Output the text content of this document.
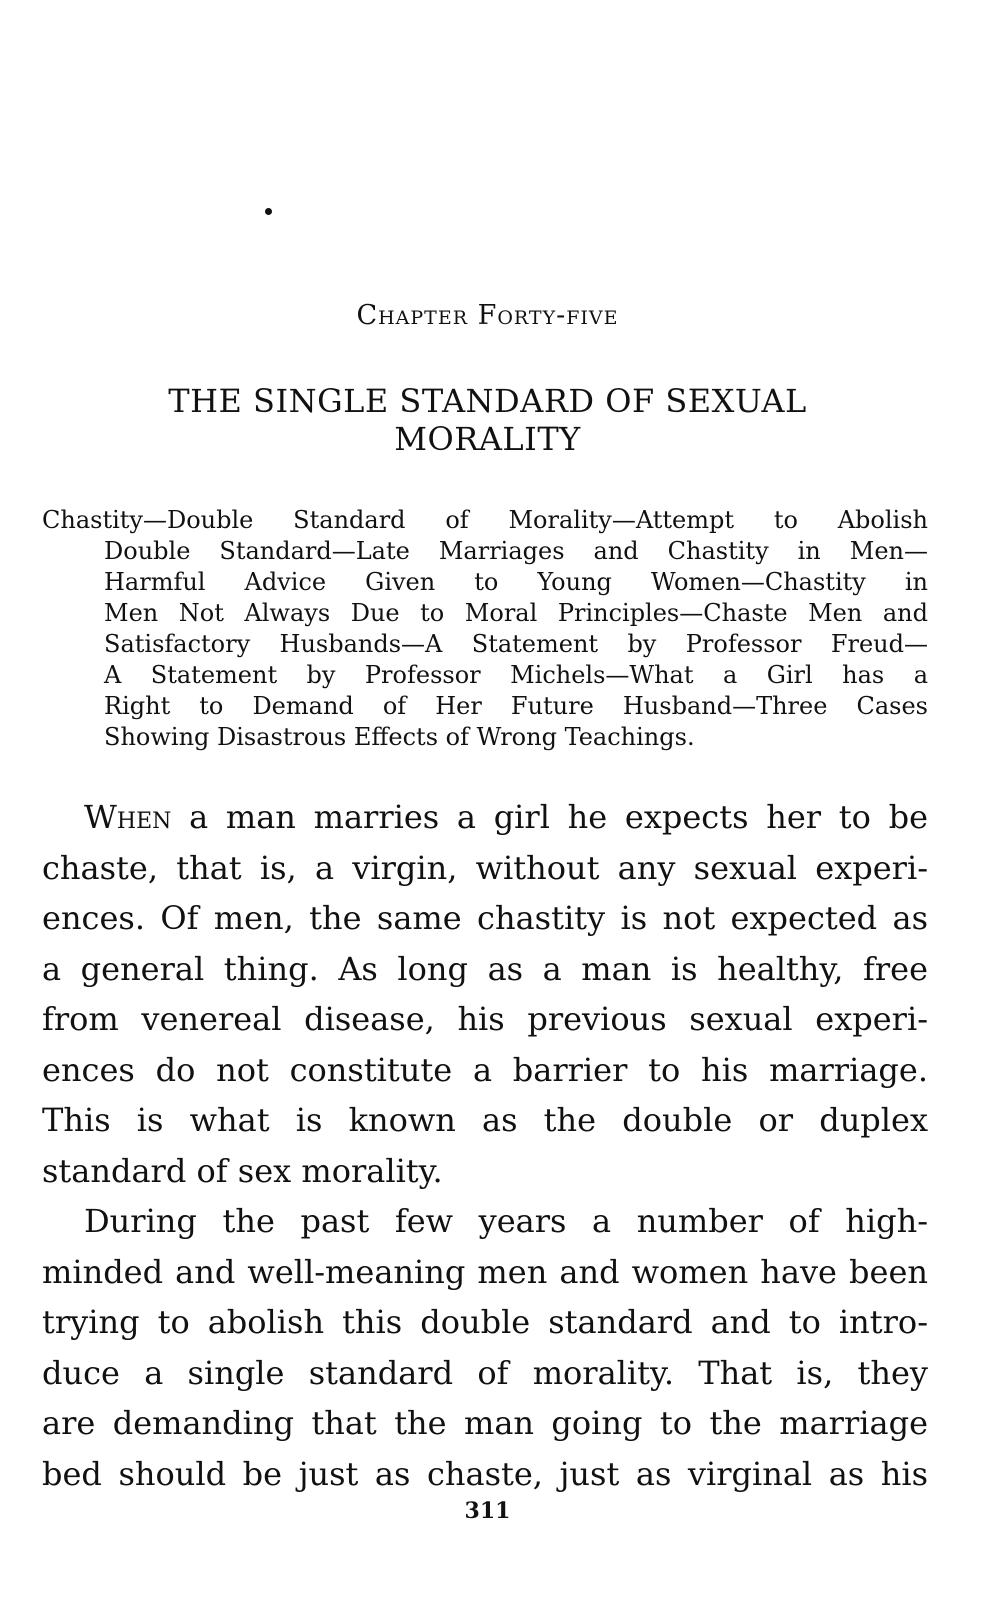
Chapter Forty-five
THE SINGLE STANDARD OF SEXUAL
MORALITY
Chastity—Double Standard of Morality—Attempt to Abolish
Double Standard—Late Marriages and Chastity in Men—
Harmful Advice Given to Young Women—Chastity in
Men Not Always Due to Moral Principles—Chaste Men and
Satisfactory Husbands—A Statement by Professor Freud—
A Statement by Professor Michels—What a Girl has a
Right to Demand of Her Future Husband—Three Cases
Showing Disastrous Effects of Wrong Teachings.
When a man marries a girl he expects her to be
chaste, that is, a virgin, without any sexual experi-
ences. Of men, the same chastity is not expected as
a general thing. As long as a man is healthy, free
from venereal disease, his previous sexual experi-
ences do not constitute a barrier to his marriage.
This is what is known as the double or duplex
standard of sex morality.
During the past few years a number of high-
minded and well-meaning men and women have been
trying to abolish this double standard and to intro-
duce a single standard of morality. That is, they
are demanding that the man going to the marriage
bed should be just as chaste, just as virginal as his
311
